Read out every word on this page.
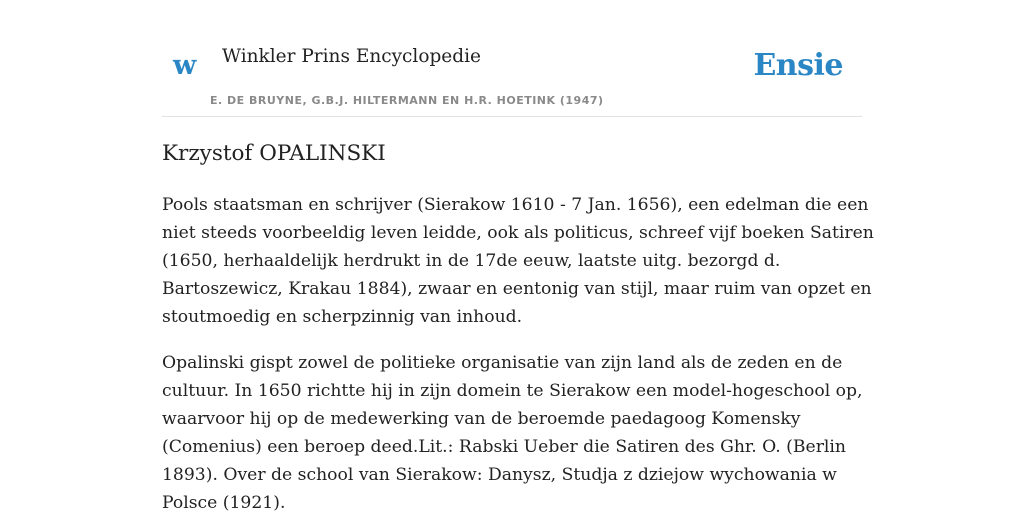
w Winkler Prins Encyclopedie
E. DE BRUYNE, G.B.J. HILTERMANN EN H.R. HOETINK (1947)
Ensie
Krzystof OPALINSKI

Pools staatsman en schrijver (Sierakow 1610 - 7 Jan. 1656), een edelman die een
niet steeds voorbeeldig leven leidde, ook als politicus, schreef vijf boeken Satiren
(1650, herhaaldelijk herdrukt in de 17de eeuw, laatste uitg. bezorgd d.
Bartoszewicz, Krakau 1884), zwaar en eentonig van stijl, maar ruim van opzet en
stoutmoedig en scherpzinnig van inhoud.

Opalinski gispt zowel de politieke organisatie van zijn land als de zeden en de
cultuur. In 1650 richtte hij in zijn domein te Sierakow een model-hogeschool op,
waarvoor hij op de medewerking van de beroemde paedagoog Komensky
(Comenius) een beroep deed.Lit.: Rabski Ueber die Satiren des Ghr. O. (Berlin
1893). Over de school van Sierakow: Danysz, Studja z dziejow wychowania w
Polsce (1921).
